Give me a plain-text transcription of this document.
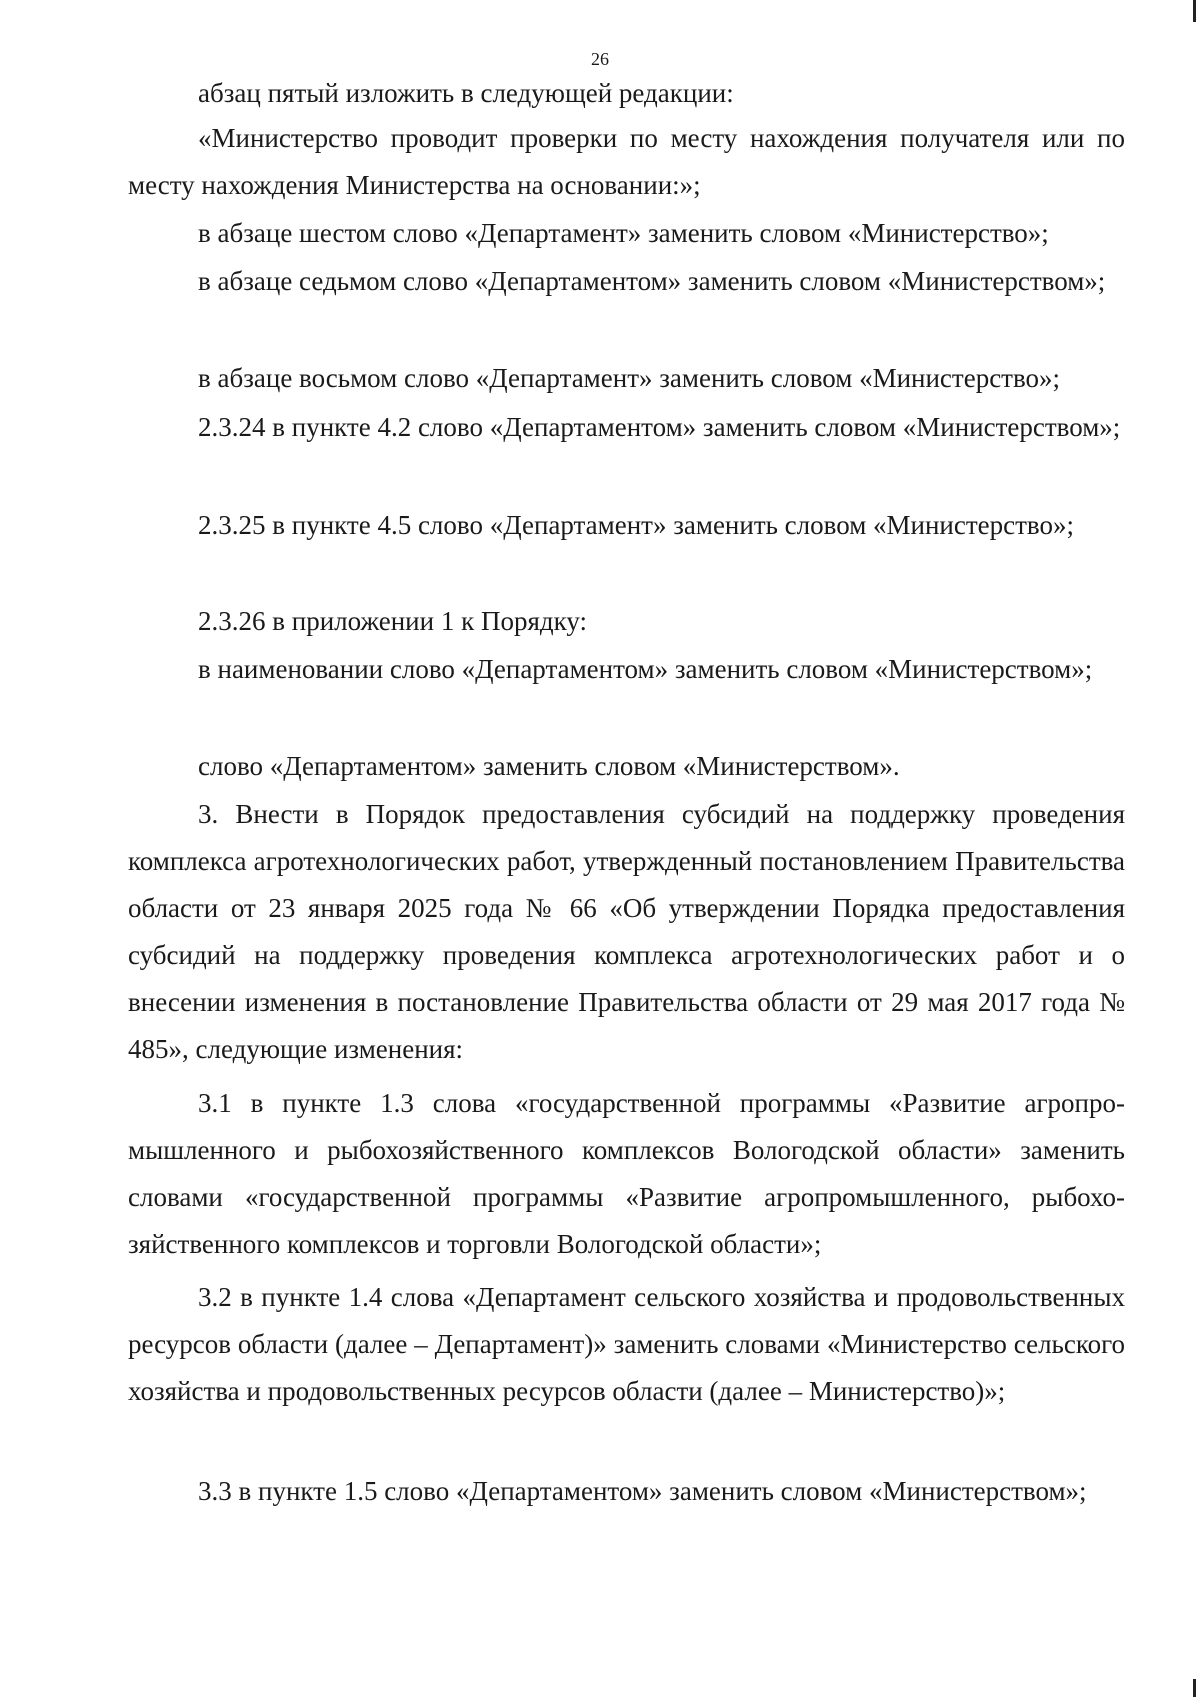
26

абзац пятый изложить в следующей редакции:

«Министерство проводит проверки по месту нахождения получателя или по месту нахождения Министерства на основании:»;

в абзаце шестом слово «Департамент» заменить словом «Министерство»;

в абзаце седьмом слово «Департаментом» заменить словом «Министерством»;

в абзаце восьмом слово «Департамент» заменить словом «Министерство»;

2.3.24 в пункте 4.2 слово «Департаментом» заменить словом «Министерством»;

2.3.25 в пункте 4.5 слово «Департамент» заменить словом «Министерство»;

2.3.26 в приложении 1 к Порядку:

в наименовании слово «Департаментом» заменить словом «Министерством»;

слово «Департаментом» заменить словом «Министерством».

3. Внести в Порядок предоставления субсидий на поддержку проведения комплекса агротехнологических работ, утвержденный постановлением Правительства области от 23 января 2025 года № 66 «Об утверждении Порядка предоставления субсидий на поддержку проведения комплекса агротехнологических работ и о внесении изменения в постановление Правительства области от 29 мая 2017 года № 485», следующие изменения:

3.1 в пункте 1.3 слова «государственной программы «Развитие агропромышленного и рыбохозяйственного комплексов Вологодской области» заменить словами «государственной программы «Развитие агропромышленного, рыбохозяйственного комплексов и торговли Вологодской области»;

3.2 в пункте 1.4 слова «Департамент сельского хозяйства и продовольственных ресурсов области (далее – Департамент)» заменить словами «Министерство сельского хозяйства и продовольственных ресурсов области (далее – Министерство)»;

3.3 в пункте 1.5 слово «Департаментом» заменить словом «Министерством»;
